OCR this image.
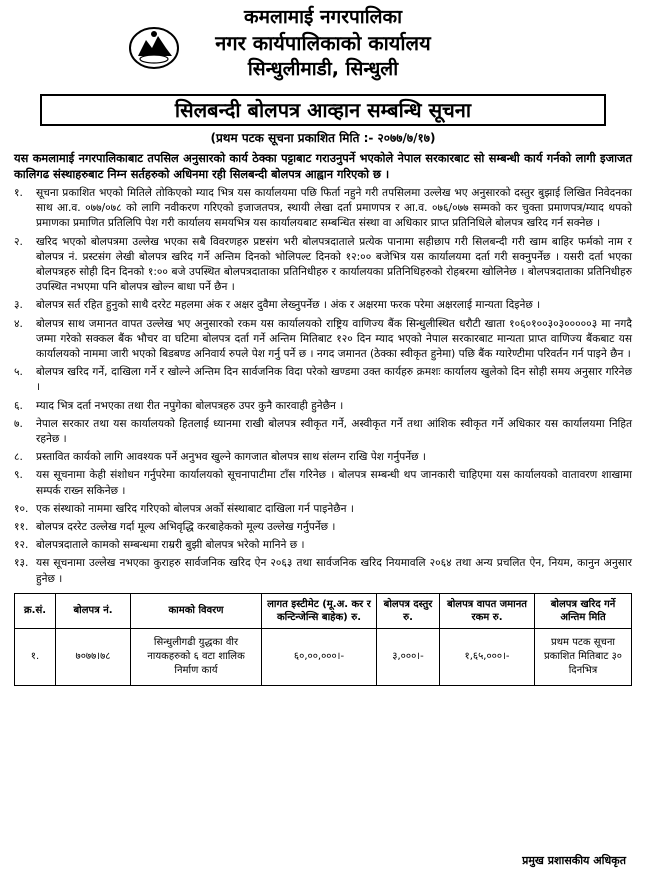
कमलामाई नगरपालिका
नगर कार्यपालिकाको कार्यालय
सिन्धुलीमाडी, सिन्धुली
सिलबन्दी बोलपत्र आव्हान सम्बन्धि सूचना
(प्रथम पटक सूचना प्रकाशित मिति :- २०७७/७/१७)
यस कमलामाई नगरपालिकाबाट तपसिल अनुसारको कार्य ठेक्का पट्टाबाट गराउनुपर्ने भएकोले नेपाल सरकारबाट सो सम्बन्धी कार्य गर्नको लागी इजाजत कालिगढ संस्थाहरुबाट निम्न सर्तहरुको अधिनमा रही सिलबन्दी बोलपत्र आह्वान गरिएको छ ।
१.	सूचना प्रकाशित भएको मितिले तोकिएको म्याद भित्र यस कार्यालयमा पछि फिर्ता नहुने गरी तपसिलमा उल्लेख भए अनुसारको दस्तुर बुझाई लिखित निवेदनका साथ आ.व. ०७७/०७८ को लागि नवीकरण गरिएको इजाजतपत्र, स्थायी लेखा दर्ता प्रमाणपत्र र आ.व. ०७६/०७७ सम्मको कर चुक्ता प्रमाणपत्र/म्याद थपको प्रमाणका प्रमाणित प्रतिलिपि पेश गरी कार्यालय समयभित्र यस कार्यालयबाट सम्बन्धित संस्था वा अधिकार प्राप्त प्रतिनिधिले बोलपत्र खरिद गर्न सक्नेछ ।
२.	खरिद भएको बोलपत्रमा उल्लेख भएका सबै विवरणहरु प्रष्टसंग भरी बोलपत्रदाताले प्रत्येक पानामा सहीछाप गरी सिलबन्दी गरी खाम बाहिर फर्मको नाम र बोलपत्र नं. प्रस्टसंग लेखी बोलपत्र खरिद गर्ने अन्तिम दिनको भोलिपल्ट दिनको १२:०० बजेभित्र यस कार्यालयमा दर्ता गरी सक्नुपर्नेछ । यसरी दर्ता भएका बोलपत्रहरु सोही दिन दिनको १:०० बजे उपस्थित बोलपत्रदाताका प्रतिनिधीहरु र कार्यालयका प्रतिनिधिहरुको रोहबरमा खोलिनेछ । बोलपत्रदाताका प्रतिनिधीहरु उपस्थित नभएमा पनि बोलपत्र खोल्न बाधा पर्ने छैन ।
३.	बोलपत्र सर्त रहित हुनुको साथै दररेट महलमा अंक र अक्षर दुवैमा लेख्नुपर्नेछ । अंक र अक्षरमा फरक परेमा अक्षरलाई मान्यता दिइनेछ ।
४.	बोलपत्र साथ जमानत वापत उल्लेख भए अनुसारको रकम यस कार्यालयको राष्ट्रिय वाणिज्य बैंक सिन्धुलीस्थित धरौटी खाता १०६०१००३०३०००००३ मा नगदै जम्मा गरेको सक्कल बैंक भौचर वा घटिमा बोलपत्र दर्ता गर्ने अन्तिम मितिबाट १२० दिन म्याद भएको नेपाल सरकारबाट मान्यता प्राप्त वाणिज्य बैंकबाट यस कार्यालयको नाममा जारी भएको बिडबण्ड अनिवार्य रुपले पेश गर्नु पर्ने छ । नगद जमानत (ठेक्का स्वीकृत हुनेमा) पछि बैंक ग्यारेण्टीमा परिवर्तन गर्न पाइने छैन ।
५.	बोलपत्र खरिद गर्ने, दाखिला गर्ने र खोल्ने अन्तिम दिन सार्वजनिक विदा परेको खण्डमा उक्त कार्यहरु क्रमशः कार्यालय खुलेको दिन सोही समय अनुसार गरिनेछ ।
६.	म्याद भित्र दर्ता नभएका तथा रीत नपुगेका बोलपत्रहरु उपर कुनै कारवाही हुनेछैन ।
७.	नेपाल सरकार तथा यस कार्यालयको हितलाई ध्यानमा राखी बोलपत्र स्वीकृत गर्ने, अस्वीकृत गर्ने तथा आंशिक स्वीकृत गर्ने अधिकार यस कार्यालयमा निहित रहनेछ ।
८.	प्रस्तावित कार्यको लागि आवश्यक पर्ने अनुभव खुल्ने कागजात बोलपत्र साथ संलग्न राखि पेश गर्नुपर्नेछ ।
९.	यस सूचनामा केही संशोधन गर्नुपरेमा कार्यालयको सूचनापाटीमा टाँस गरिनेछ । बोलपत्र सम्बन्धी थप जानकारी चाहिएमा यस कार्यालयको वातावरण शाखामा सम्पर्क राख्न सकिनेछ ।
१०. एक संस्थाको नाममा खरिद गरिएको बोलपत्र अर्को संस्थाबाट दाखिला गर्न पाइनेछैन ।
११. बोलपत्र दररेट उल्लेख गर्दा मूल्य अभिवृद्धि करबाहेकको मूल्य उल्लेख गर्नुपर्नेछ ।
१२. बोलपत्रदाताले कामको सम्बन्धमा राम्ररी बुझी बोलपत्र भरेको मानिने छ ।
१३. यस सूचनामा उल्लेख नभएका कुराहरु सार्वजनिक खरिद ऐन २०६३ तथा सार्वजनिक खरिद नियमावलि २०६४ तथा अन्य प्रचलित ऐन, नियम, कानुन अनुसार हुनेछ ।
क्र.सं.	बोलपत्र नं.	कामको विवरण	लागत इस्टीमेट (मू.अ. कर र कन्टिन्जेन्सि बाहेक) रु.	बोलपत्र दस्तुर रु.	बोलपत्र वापत जमानत रकम रु.	बोलपत्र खरिद गर्ने अन्तिम मिति
१.	७०७७।७८	सिन्धुलीगढी युद्धका वीर नायकहरुको ६ वटा शालिक निर्माण कार्य	६०,००,०००।-	३,०००।-	१,६५,०००।-	प्रथम पटक सूचना प्रकाशित मितिबाट ३० दिनभित्र
प्रमुख प्रशासकीय अधिकृत
